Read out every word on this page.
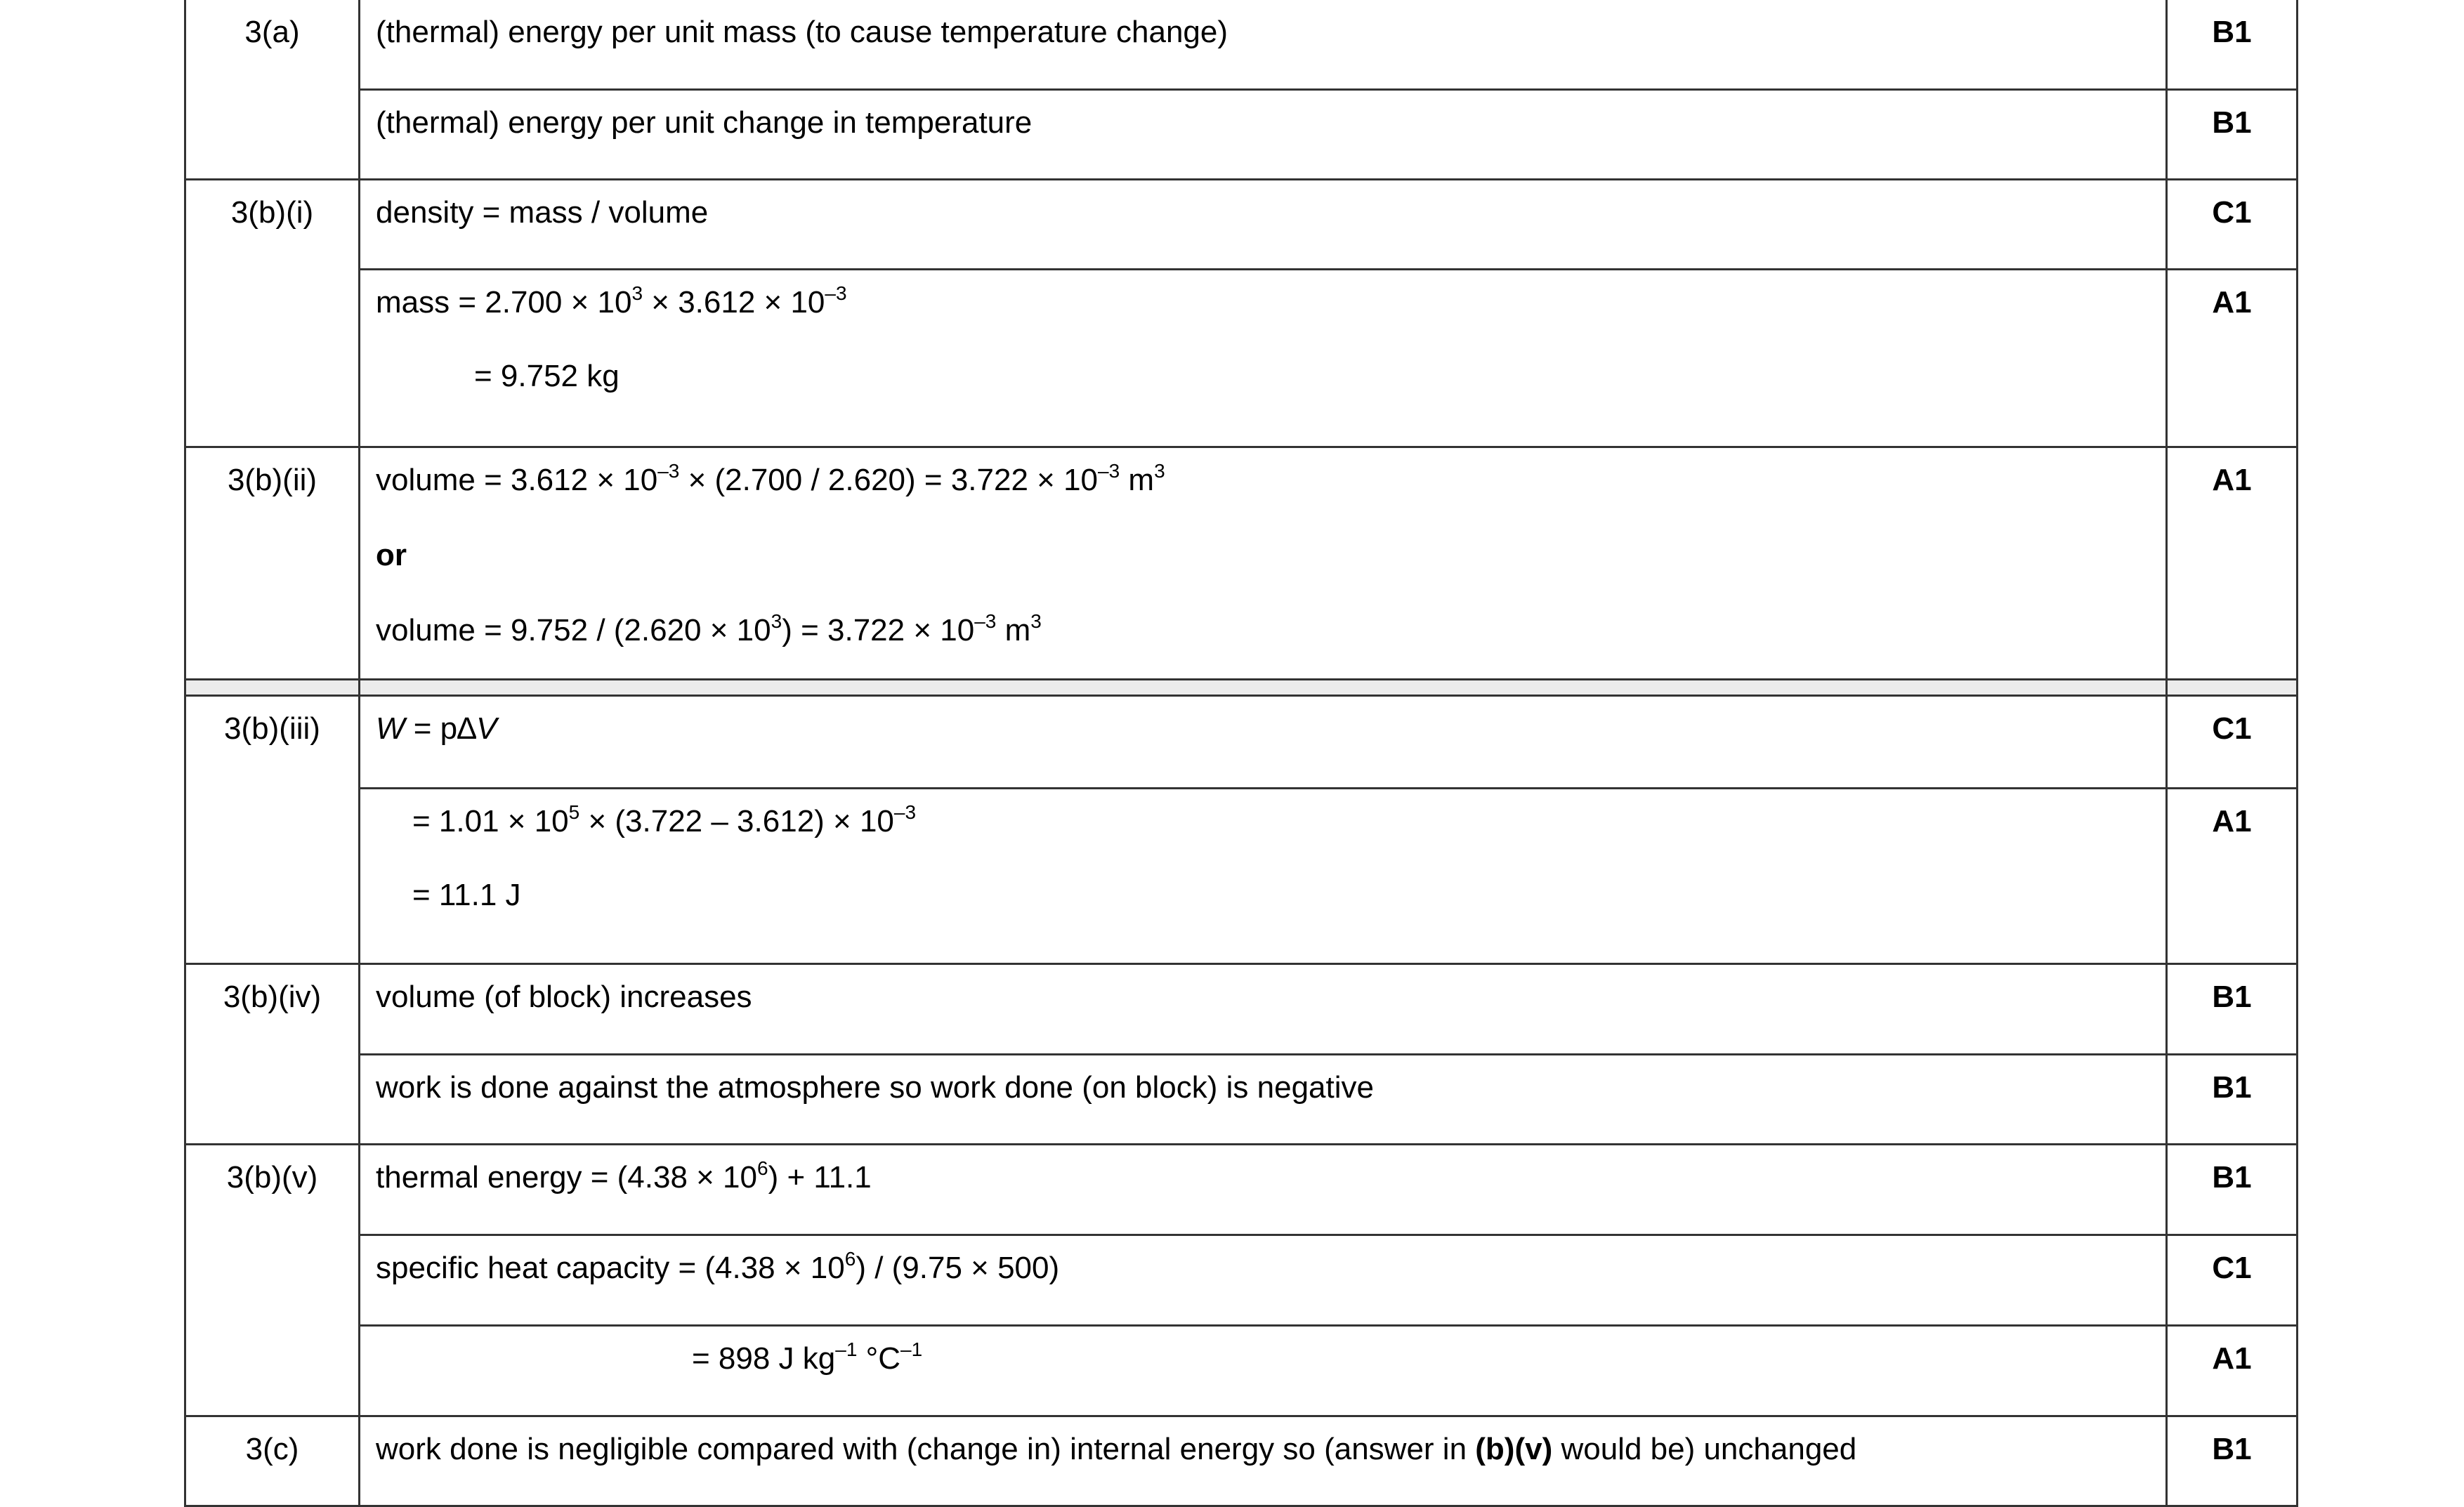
3(a)	(thermal) energy per unit mass (to cause temperature change)	B1
	(thermal) energy per unit change in temperature	B1
3(b)(i)	density = mass / volume	C1

	mass = $2.700 \times 10^3 \times 3.612 \times 10^{-3}$
= 9.752 kg	A1
3(b)(ii)	volume = $3.612 \times 10^{-3} \times (2.700 / 2.620) = 3.722 \times 10^{-3}$ $m^3$
or
volume = $9.752 / (2.620 \times 10^3) = 3.722 \times 10^{-3}$ $m^3$	A1

3(b)(iii)	W = p∆V	C1

	= $1.01 \times 10^5 \times (3.722 - 3.612) \times 10^{-3}$
= 11.1 J	A1
3(b)(iv)	volume (of block) increases	B1
	work is done against the atmosphere so work done (on block) is negative	B1
3(b)(v)	thermal energy = $(4.38 \times 10^6) + 11.1$	B1
	specific heat capacity = $(4.38 \times 10^6) / (9.75 \times 500)$	C1

	= 898 J $kg^{-1}$ $^\circ C^{-1}$	A1
3(c)	work done is negligible compared with (change in) internal energy so (answer in (b)(v) would be) unchanged	B1
